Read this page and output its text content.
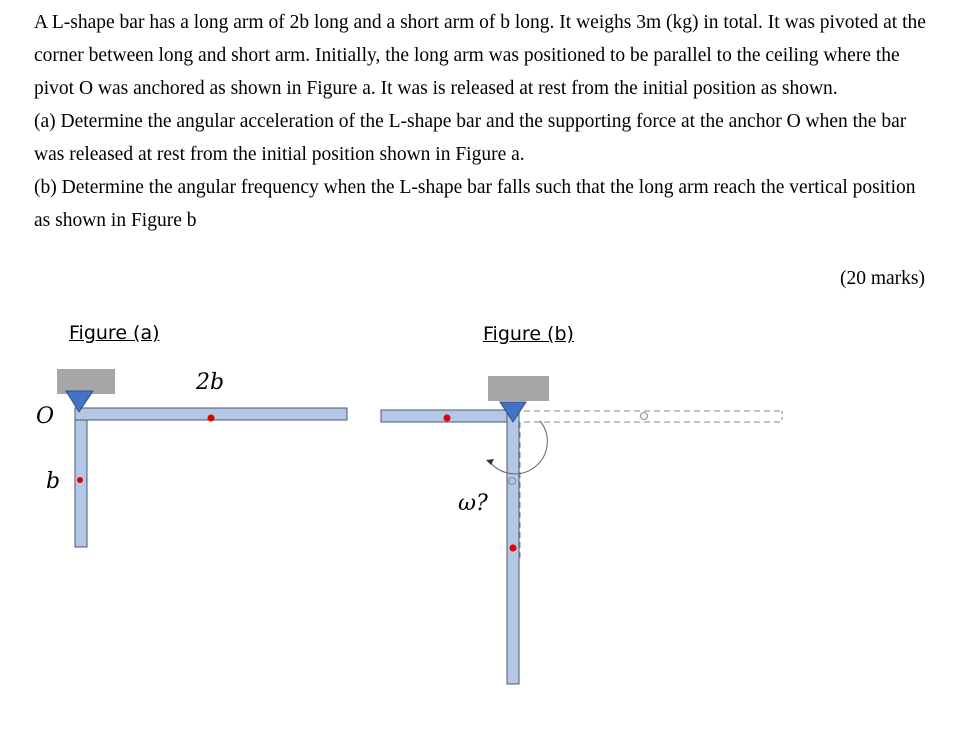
A L-shape bar has a long arm of 2b long and a short arm of b long. It weighs 3m (kg) in total. It was pivoted at the corner between long and short arm. Initially, the long arm was positioned to be parallel to the ceiling where the pivot O was anchored as shown in Figure a. It was is released at rest from the initial position as shown.

(a) Determine the angular acceleration of the L-shape bar and the supporting force at the anchor O when the bar was released at rest from the initial position shown in Figure a.

(b) Determine the angular frequency when the L-shape bar falls such that the long arm reach the vertical position as shown in Figure b

(20 marks)
Figure (a)	Figure (b)
2b
O
b
ω?
